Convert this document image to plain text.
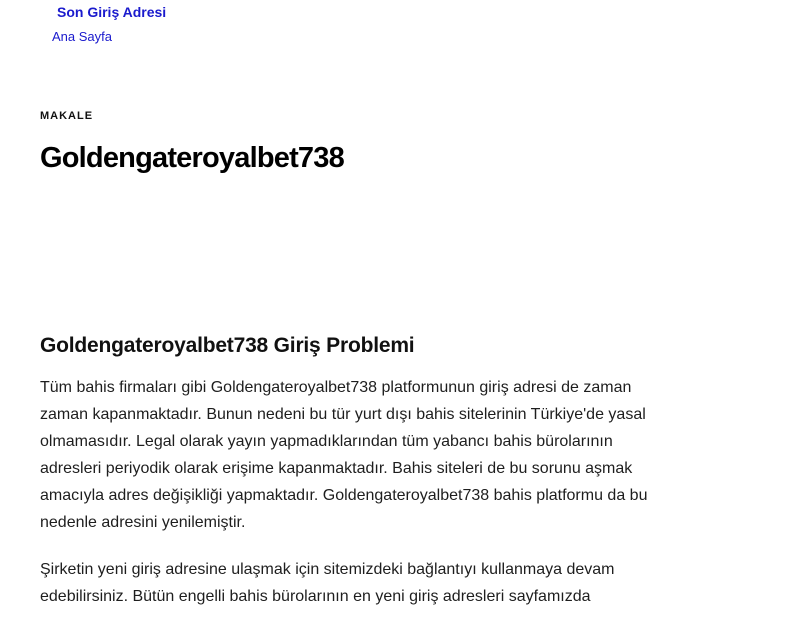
Son Giriş Adresi
Ana Sayfa
MAKALE
Goldengateroyalbet738
Goldengateroyalbet738 Giriş Problemi

Tüm bahis firmaları gibi Goldengateroyalbet738 platformunun giriş adresi de zaman
zaman kapanmaktadır. Bunun nedeni bu tür yurt dışı bahis sitelerinin Türkiye'de yasal
olmamasıdır. Legal olarak yayın yapmadıklarından tüm yabancı bahis bürolarının
adresleri periyodik olarak erişime kapanmaktadır. Bahis siteleri de bu sorunu aşmak
amacıyla adres değişikliği yapmaktadır. Goldengateroyalbet738 bahis platformu da bu
nedenle adresini yenilemiştir.

Şirketin yeni giriş adresine ulaşmak için sitemizdeki bağlantıyı kullanmaya devam
edebilirsiniz. Bütün engelli bahis bürolarının en yeni giriş adresleri sayfamızda
